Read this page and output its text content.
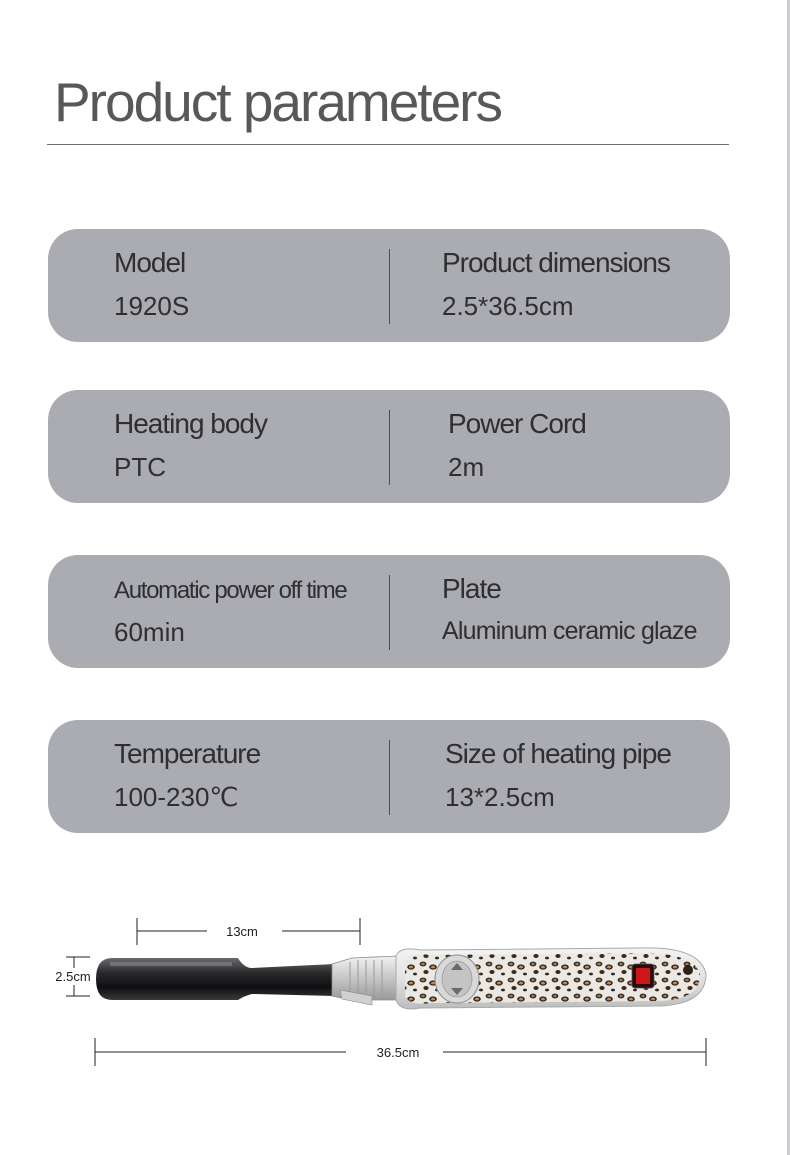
Product parameters
Model
1920S
Product dimensions
2.5*36.5cm
Heating body
PTC
Power Cord
2m
Automatic power off time
60min
Plate
Aluminum ceramic glaze
Temperature
100-230℃
Size of heating pipe
13*2.5cm
13cm
2.5cm
36.5cm
